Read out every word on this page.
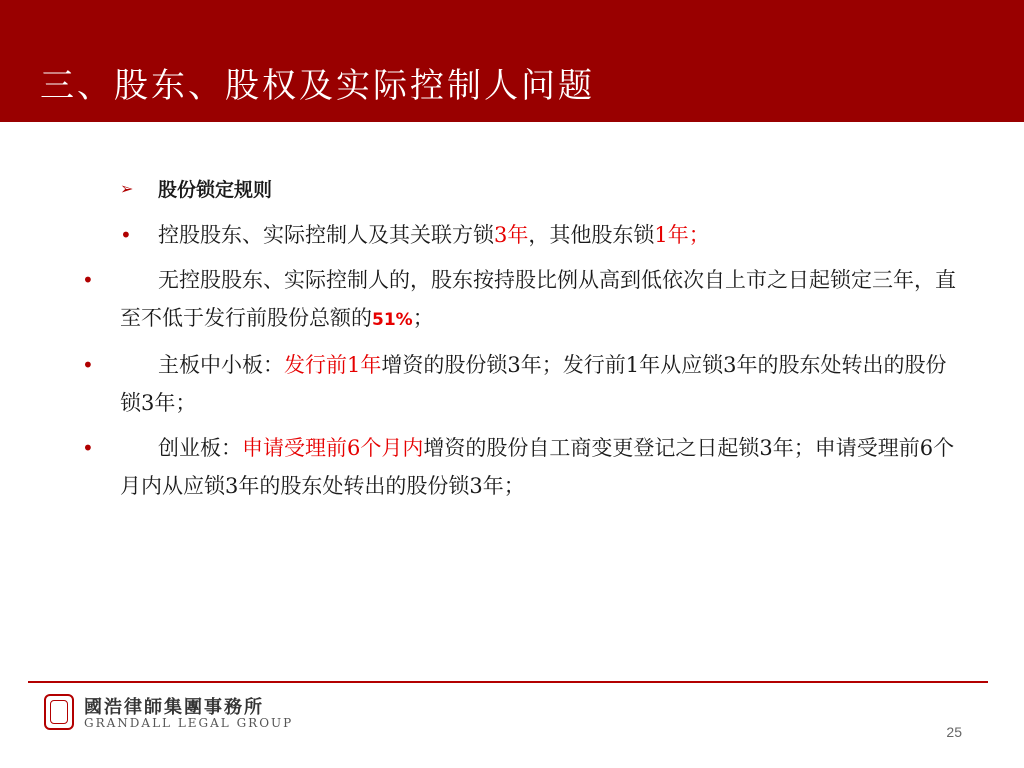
三、股东、股权及实际控制人问题
➢	股份锁定规则
•	控股股东、实际控制人及其关联方锁3年，其他股东锁1年；
•	无控股股东、实际控制人的，股东按持股比例从高到低依次自上市之日起锁定三年，直至不低于发行前股份总额的51%；
•	主板中小板：发行前1年增资的股份锁3年；发行前1年从应锁3年的股东处转出的股份锁3年；
•	创业板：申请受理前6个月内增资的股份自工商变更登记之日起锁3年；申请受理前6个月内从应锁3年的股东处转出的股份锁3年；
國浩律師集團事務所
GRANDALL LEGAL GROUP
25
